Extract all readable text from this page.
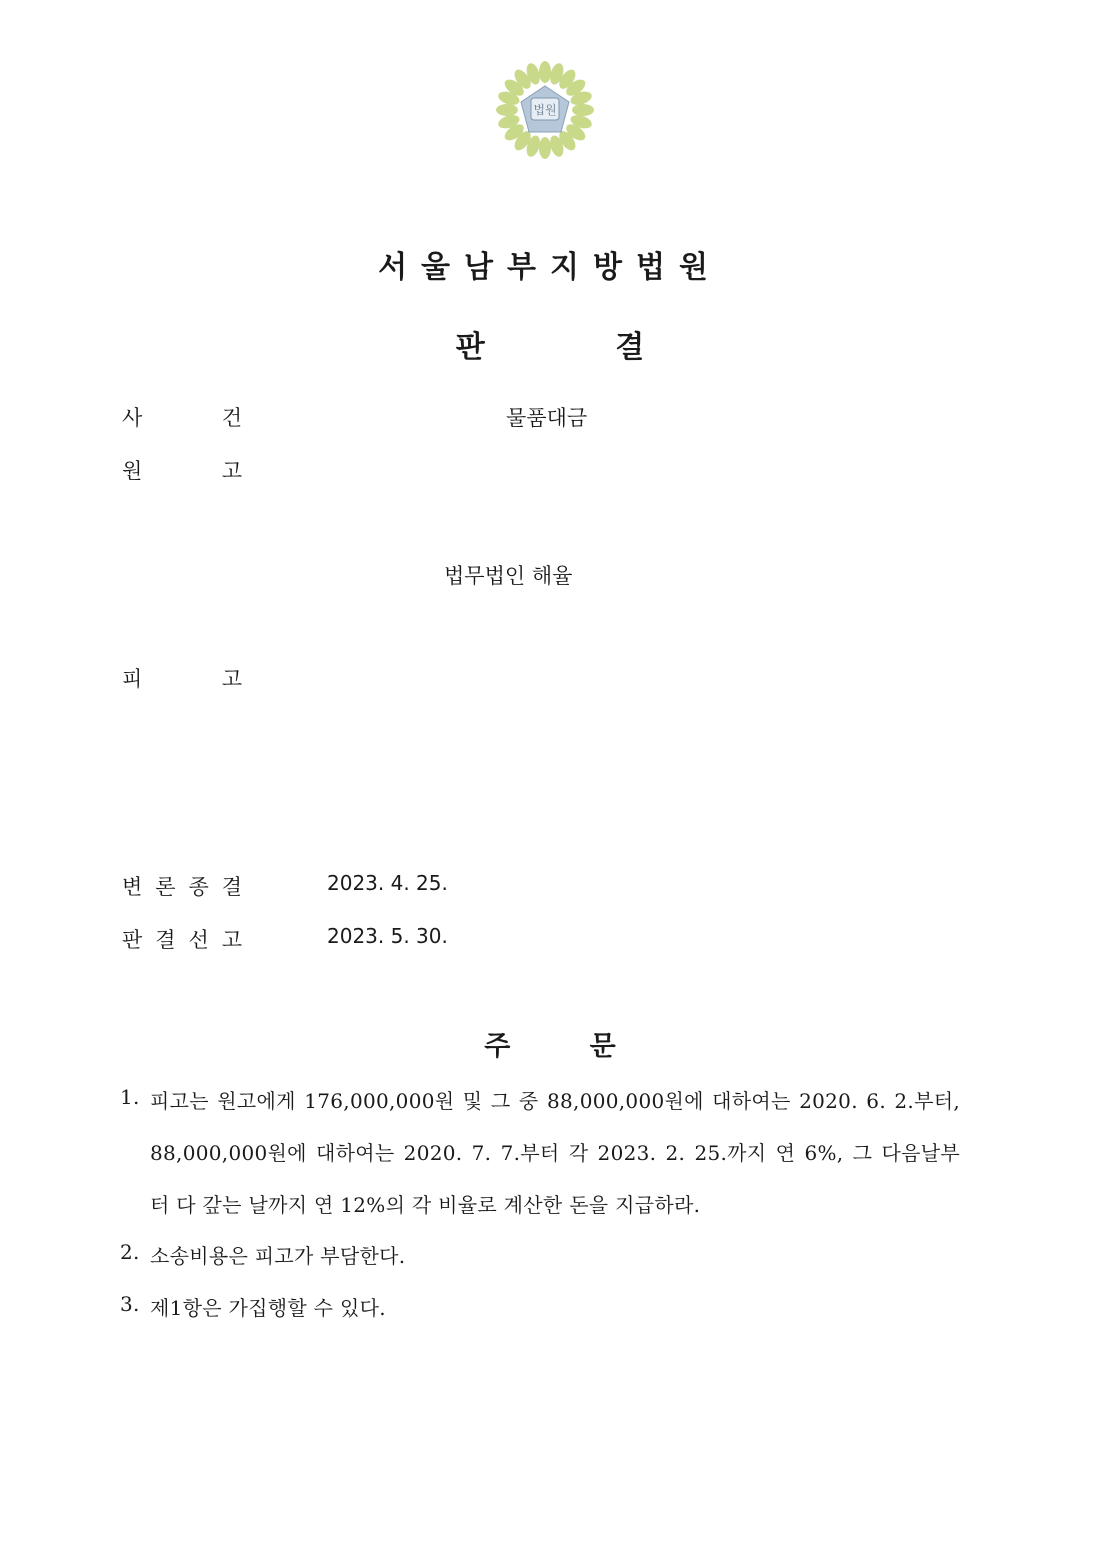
법원
서울남부지방법원
판 결
사	건	물품대금
원	고
법무법인 해율
피	고
변 론 종 결	2023. 4. 25.
판 결 선 고	2023. 5. 30.
주 문
1. 피고는 원고에게 176,000,000원 및 그 중 88,000,000원에 대하여는 2020. 6. 2.부터,
88,000,000원에 대하여는 2020. 7. 7.부터 각 2023. 2. 25.까지 연 6%, 그 다음날부
터 다 갚는 날까지 연 12%의 각 비율로 계산한 돈을 지급하라.
2. 소송비용은 피고가 부담한다.
3. 제1항은 가집행할 수 있다.
